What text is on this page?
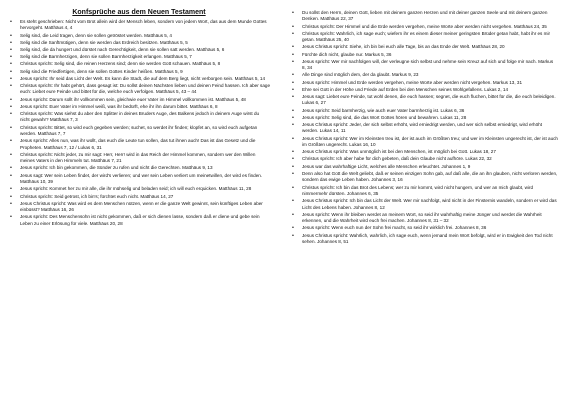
Konfsprüche aus dem Neuen Testament
• Es steht geschrieben: Nicht vom Brot allein wird der Mensch leben, sondern von jedem Wort, das aus dem Munde Gottes hervorgeht. Matthäus 4, 4
• Selig sind, die Leid tragen, denn sie sollen getröstet werden. Matthäus 5, 4
• Selig sind die Sanftmütigen, denn sie werden das Erdreich besitzen. Matthäus 5, 5
• Selig sind, die da hungert und dürstet nach Gerechtigkeit, denn sie sollen satt werden. Matthäus 5, 6
• Selig sind die Barmherzigen, denn sie sollen Barmherzigkeit erlangen. Matthäus 5, 7
• Christus spricht: Selig sind, die reinen Herzens sind; denn sie werden Gott schauen. Matthäus 5, 8
• Selig sind die Friedfertigen, denn sie sollen Gottes Kinder heißen. Matthäus 5, 9
• Jesus spricht: Ihr seid das Licht der Welt. Es kann die Stadt, die auf dem Berg liegt, nicht verborgen sein. Matthäus 5, 14
• Christus spricht: Ihr habt gehört, dass gesagt ist: Du sollst deinen Nächsten lieben und deinen Feind hassen. Ich aber sage euch: Liebet eure Feinde und bittet für die, welche euch verfolgen. Matthäus 5, 43 – 44
• Jesus spricht: Darum sollt ihr vollkommen sein, gleichwie euer Vater im Himmel vollkommen ist. Matthäus 5, 48
• Jesus spricht: Euer Vater im Himmel weiß, was ihr bedürft, ehe ihr ihn darum bittet. Matthäus 6, 8
• Christus spricht: Was siehst du aber den Splitter in deines Bruders Auge, des Balkens jedoch in deinem Auge wirst du nicht gewahr? Matthäus 7, 3
• Christus spricht: Bittet, so wird euch gegeben werden; suchet, so werdet ihr finden; klopfet an, so wird euch aufgetan werden. Matthäus 7, 7
• Jesus spricht: Alles nun, was ihr wollt, das euch die Leute tun sollen, das tut ihnen auch! Das ist das Gesetz und die Propheten. Matthäus 7, 12 / Lukas 6, 31
• Christus spricht: Nicht jeder, zu mir sagt: Herr, Herr! wird in das Reich der Himmel kommen, sondern wer den Willen meines Vaters in den Himmeln tut. Matthäus 7, 21
• Jesus spricht: Ich bin gekommen, die Sünder zu rufen und nicht die Gerechten. Matthäus 9, 13
• Jesus sagt: Wer sein Leben findet, der wird's verlieren; und wer sein Leben verliert um meinetwillen, der wird es finden. Matthäus 10, 39
• Jesus spricht: Kommet her zu mir alle, die ihr mühselig und beladen seid; ich will euch erquicken. Matthäus 11, 28
• Christus spricht: Seid getrost, ich bin's; fürchtet euch nicht. Matthäus 14, 27
• Jesus Christus spricht: Was wird es dem Menschen nützen, wenn er die ganze Welt gewinnt, sein künftiges Leben aber einbüsst? Matthäus 16, 26
• Jesus spricht: Des Menschensohn ist nicht gekommen, daß er sich dienen lasse, sondern daß er diene und gebe sein Leben zu einer Erlösung für viele. Matthäus 20, 28
• Du sollst den Herrn, deinen Gott, lieben mit deinem ganzen Herzen und mit deiner ganzen Seele und mit deinem ganzen Denken. Matthäus 22, 37
• Christus spricht: Der Himmel und die Erde werden vergehen, meine Worte aber werden nicht vergehen. Matthäus 24, 35
• Christus spricht: Wahrlich, ich sage euch; wiefern ihr es einem dieser meiner geringsten Brüder getan habt, habt ihr es mir getan. Matthäus 25, 40
• Jesus Christus spricht: Siehe, ich bin bei euch alle Tage, bis an das Ende der Welt. Matthäus 28, 20
• Fürchte dich nicht, glaube nur. Markus 5, 36
• Jesus spricht: Wer mir nachfolgen will, der verleugne sich selbst und nehme sein Kreuz auf sich und folge mir nach. Markus 8, 34
• Alle Dinge sind möglich dem, der da glaubt. Markus 9, 23
• Jesus spricht: Himmel und Erde werden vergehen, meine Worte aber werden nicht vergehen. Markus 13, 31
• Ehre sei Gott in der Höhe und Friede auf Erden bei den Menschen seines Wohlgefallens. Lukas 2, 14
• Jesus sagt: Liebet eure Feinde, tut wohl denen, die euch hassen; segnet, die euch fluchen, bittet für die, die euch beleidigen. Lukas 6, 27
• Jesus spricht: Seid barmherzig, wie auch euer Vater barmherzig ist. Lukas 6, 36
• Jesus spricht: Selig sind, die das Wort Gottes hören und bewahren. Lukas 11, 28
• Jesus Christus spricht: Jeder, der sich selbst erhöht, wird erniedrigt werden, und wer sich selbst erniedrigt, wird erhöht werden. Lukas 14, 11
• Jesus Christus spricht: Wer im Kleinsten treu ist, der ist auch im Größten treu; und wer im Kleinsten ungerecht ist, der ist auch im Größten ungerecht. Lukas 16, 10
• Jesus Christus spricht: Was unmöglich ist bei den Menschen, ist möglich bei Gott. Lukas 18, 27
• Christus spricht: Ich aber habe für dich gebeten, daß dein Glaube nicht aufhöre. Lukas 22, 32
• Jesus war das wahrhaftige Licht, welches alle Menschen erleuchtet. Johannes 1, 9
• Denn also hat Gott die Welt geliebt, daß er seinen einzigen Sohn gab, auf daß alle, die an ihn glauben, nicht verloren werden, sondern das ewige Leben haben. Johannes 3, 16
• Christus spricht: Ich bin das Brot des Lebens; wer zu mir kommt, wird nicht hungern, und wer an mich glaubt, wird nimmermehr dürsten. Johannes 6, 35
• Jesus Christus spricht: Ich bin das Licht der Welt. Wer mir nachfolgt, wird nicht in der Finsternis wandeln, sondern er wird das Licht des Lebens haben. Johannes 8, 12
• Jesus spricht: Wenn ihr bleiben werdet an meinem Wort, so seid ihr wahrhaftig meine Jünger und werdet die Wahrheit erkennen, und die Wahrheit wird euch frei machen. Johannes 8, 31 – 32
• Jesus spricht: Wenn euch nun der Sohn frei macht, so seid ihr wirklich frei. Johannes 8, 36
• Jesus Christus spricht: Wahrlich, wahrlich, ich sage euch, wenn jemand mein Wort befolgt, wird er in Ewigkeit den Tod nicht sehen. Johannes 8, 51
